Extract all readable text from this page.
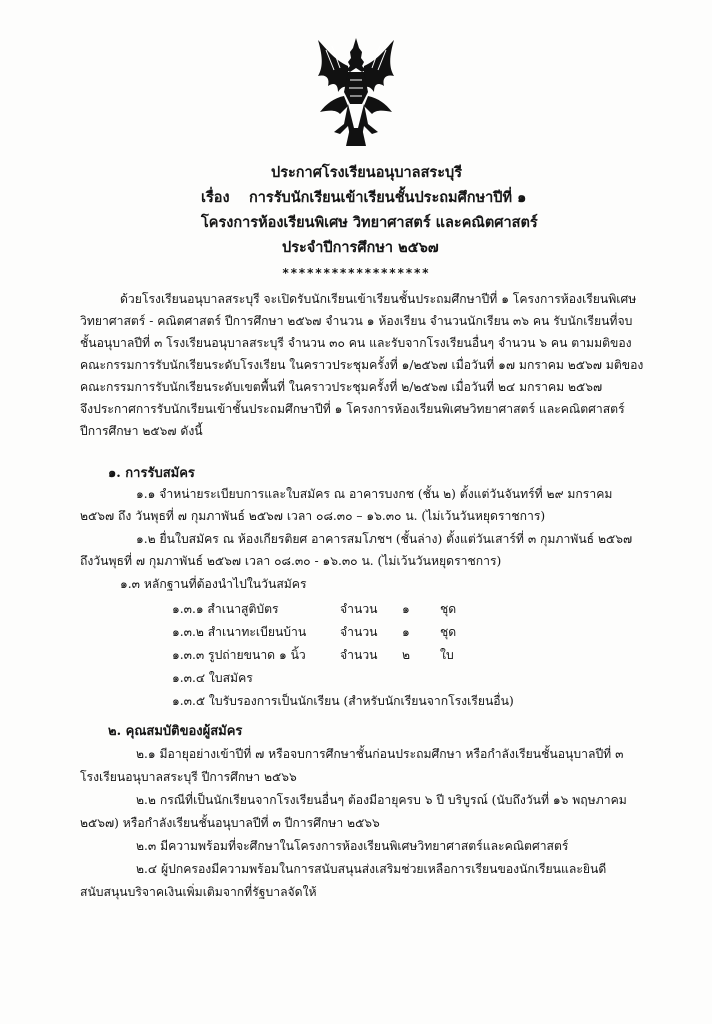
ประกาศโรงเรียนอนุบาลสระบุรี
เรื่อง การรับนักเรียนเข้าเรียนชั้นประถมศึกษาปีที่ ๑
โครงการห้องเรียนพิเศษ วิทยาศาสตร์ และคณิตศาสตร์
ประจำปีการศึกษา ๒๕๖๗
******************
ด้วยโรงเรียนอนุบาลสระบุรี จะเปิดรับนักเรียนเข้าเรียนชั้นประถมศึกษาปีที่ ๑ โครงการห้องเรียนพิเศษ
วิทยาศาสตร์ - คณิตศาสตร์ ปีการศึกษา ๒๕๖๗ จำนวน ๑ ห้องเรียน จำนวนนักเรียน ๓๖ คน รับนักเรียนที่จบ
ชั้นอนุบาลปีที่ ๓ โรงเรียนอนุบาลสระบุรี จำนวน ๓๐ คน และรับจากโรงเรียนอื่นๆ จำนวน ๖ คน ตามมติของ
คณะกรรมการรับนักเรียนระดับโรงเรียน ในคราวประชุมครั้งที่ ๑/๒๕๖๗ เมื่อวันที่ ๑๗ มกราคม ๒๕๖๗ มติของ
คณะกรรมการรับนักเรียนระดับเขตพื้นที่ ในคราวประชุมครั้งที่ ๒/๒๕๖๗ เมื่อวันที่ ๒๔ มกราคม ๒๕๖๗
จึงประกาศการรับนักเรียนเข้าชั้นประถมศึกษาปีที่ ๑ โครงการห้องเรียนพิเศษวิทยาศาสตร์ และคณิตศาสตร์
ปีการศึกษา ๒๕๖๗ ดังนี้
๑. การรับสมัคร
๑.๑ จำหน่ายระเบียบการและใบสมัคร ณ อาคารบงกช (ชั้น ๒) ตั้งแต่วันจันทร์ที่ ๒๙ มกราคม
๒๕๖๗ ถึง วันพุธที่ ๗ กุมภาพันธ์ ๒๕๖๗ เวลา ๐๘.๓๐ – ๑๖.๓๐ น. (ไม่เว้นวันหยุดราชการ)
๑.๒ ยื่นใบสมัคร ณ ห้องเกียรติยศ อาคารสมโภชฯ (ชั้นล่าง) ตั้งแต่วันเสาร์ที่ ๓ กุมภาพันธ์ ๒๕๖๗
ถึงวันพุธที่ ๗ กุมภาพันธ์ ๒๕๖๗ เวลา ๐๘.๓๐ - ๑๖.๓๐ น. (ไม่เว้นวันหยุดราชการ)
๑.๓ หลักฐานที่ต้องนำไปในวันสมัคร
๑.๓.๑ สำเนาสูติบัตร	จำนวน ๑ ชุด
๑.๓.๒ สำเนาทะเบียนบ้าน	จำนวน ๑ ชุด
๑.๓.๓ รูปถ่ายขนาด ๑ นิ้ว	จำนวน ๒ ใบ
๑.๓.๔ ใบสมัคร
๑.๓.๕ ใบรับรองการเป็นนักเรียน (สำหรับนักเรียนจากโรงเรียนอื่น)
๒. คุณสมบัติของผู้สมัคร
๒.๑ มีอายุอย่างเข้าปีที่ ๗ หรือจบการศึกษาชั้นก่อนประถมศึกษา หรือกำลังเรียนชั้นอนุบาลปีที่ ๓
โรงเรียนอนุบาลสระบุรี ปีการศึกษา ๒๕๖๖
๒.๒ กรณีที่เป็นนักเรียนจากโรงเรียนอื่นๆ ต้องมีอายุครบ ๖ ปี บริบูรณ์ (นับถึงวันที่ ๑๖ พฤษภาคม
๒๕๖๗) หรือกำลังเรียนชั้นอนุบาลปีที่ ๓ ปีการศึกษา ๒๕๖๖
๒.๓ มีความพร้อมที่จะศึกษาในโครงการห้องเรียนพิเศษวิทยาศาสตร์และคณิตศาสตร์
๒.๔ ผู้ปกครองมีความพร้อมในการสนับสนุนส่งเสริมช่วยเหลือการเรียนของนักเรียนและยินดี
สนับสนุนบริจาคเงินเพิ่มเติมจากที่รัฐบาลจัดให้
